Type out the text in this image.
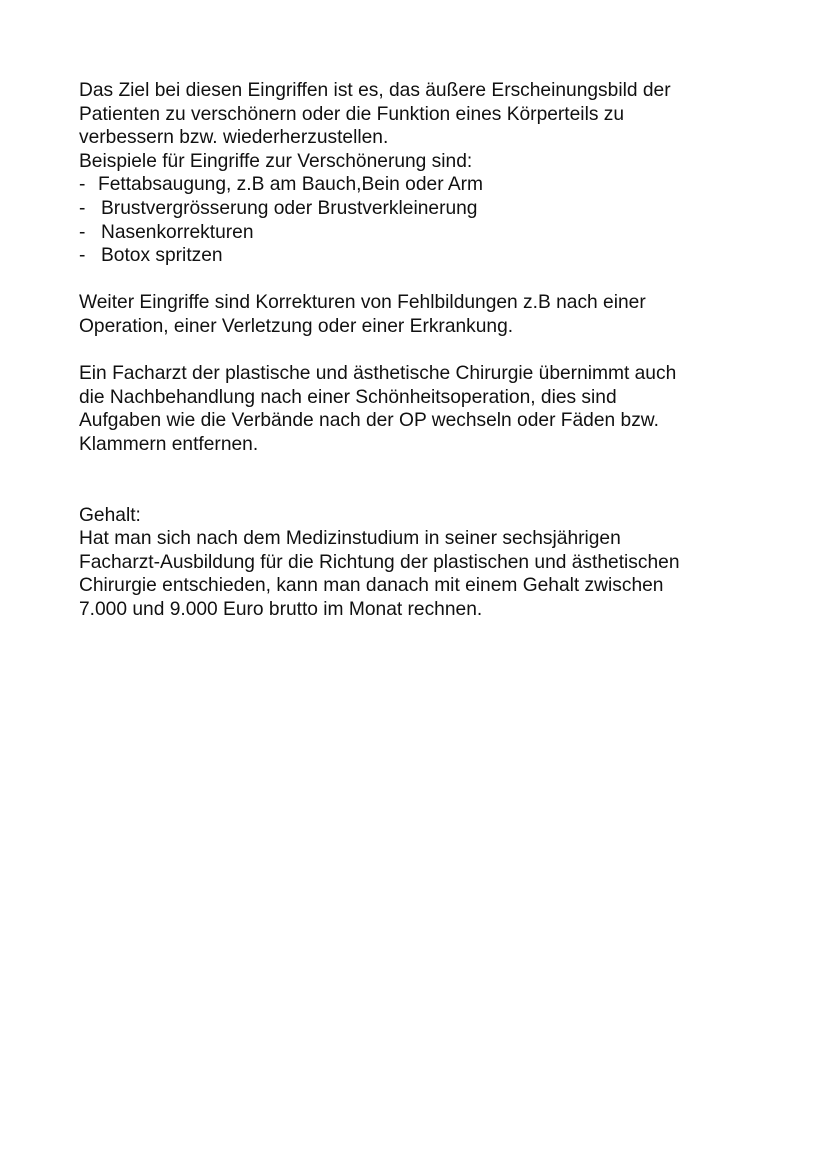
Das Ziel bei diesen Eingriffen ist es, das äußere Erscheinungsbild der
Patienten zu verschönern oder die Funktion eines Körperteils zu
verbessern bzw. wiederherzustellen.
Beispiele für Eingriffe zur Verschönerung sind:
- Fettabsaugung, z.B am Bauch,Bein oder Arm
- Brustvergrösserung oder Brustverkleinerung
- Nasenkorrekturen
- Botox spritzen
Weiter Eingriffe sind Korrekturen von Fehlbildungen z.B nach einer
Operation, einer Verletzung oder einer Erkrankung.
Ein Facharzt der plastische und ästhetische Chirurgie übernimmt auch
die Nachbehandlung nach einer Schönheitsoperation, dies sind
Aufgaben wie die Verbände nach der OP wechseln oder Fäden bzw.
Klammern entfernen.
Gehalt:
Hat man sich nach dem Medizinstudium in seiner sechsjährigen
Facharzt-Ausbildung für die Richtung der plastischen und ästhetischen
Chirurgie entschieden, kann man danach mit einem Gehalt zwischen
7.000 und 9.000 Euro brutto im Monat rechnen.
